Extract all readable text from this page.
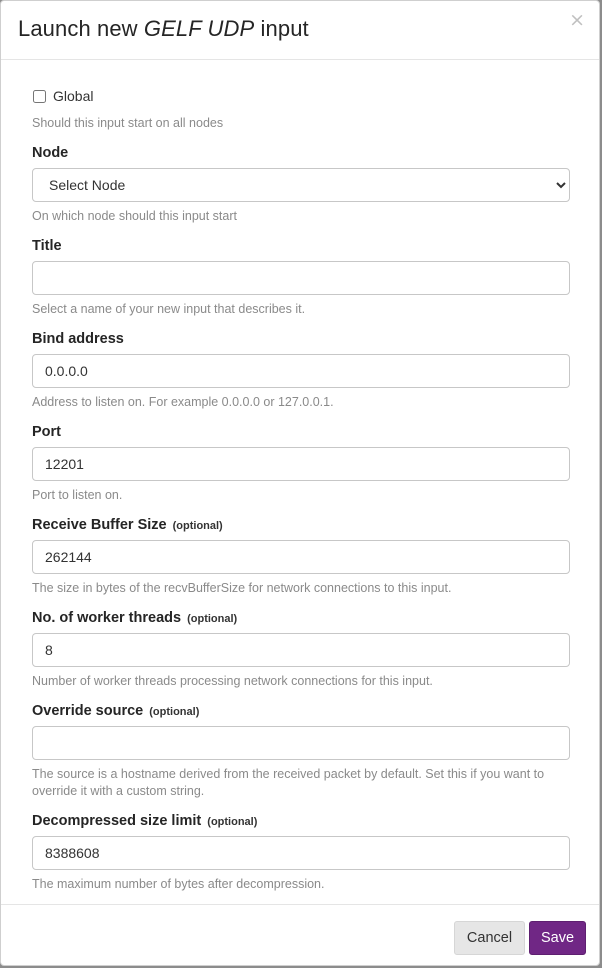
Launch new GELF UDP input	×
Global

Should this input start on all nodes

Node
Select Node

On which node should this input start

Title

Select a name of your new input that describes it.

Bind address
0.0.0.0

Address to listen on. For example 0.0.0.0 or 127.0.0.1.

Port
12201

Port to listen on.

Receive Buffer Size (optional)
262144

The size in bytes of the recvBufferSize for network connections to this input.

No. of worker threads (optional)
8

Number of worker threads processing network connections for this input.

Override source (optional)

The source is a hostname derived from the received packet by default. Set this if you want to override it with a custom string.

Decompressed size limit (optional)
8388608

The maximum number of bytes after decompression.

Cancel	Save
